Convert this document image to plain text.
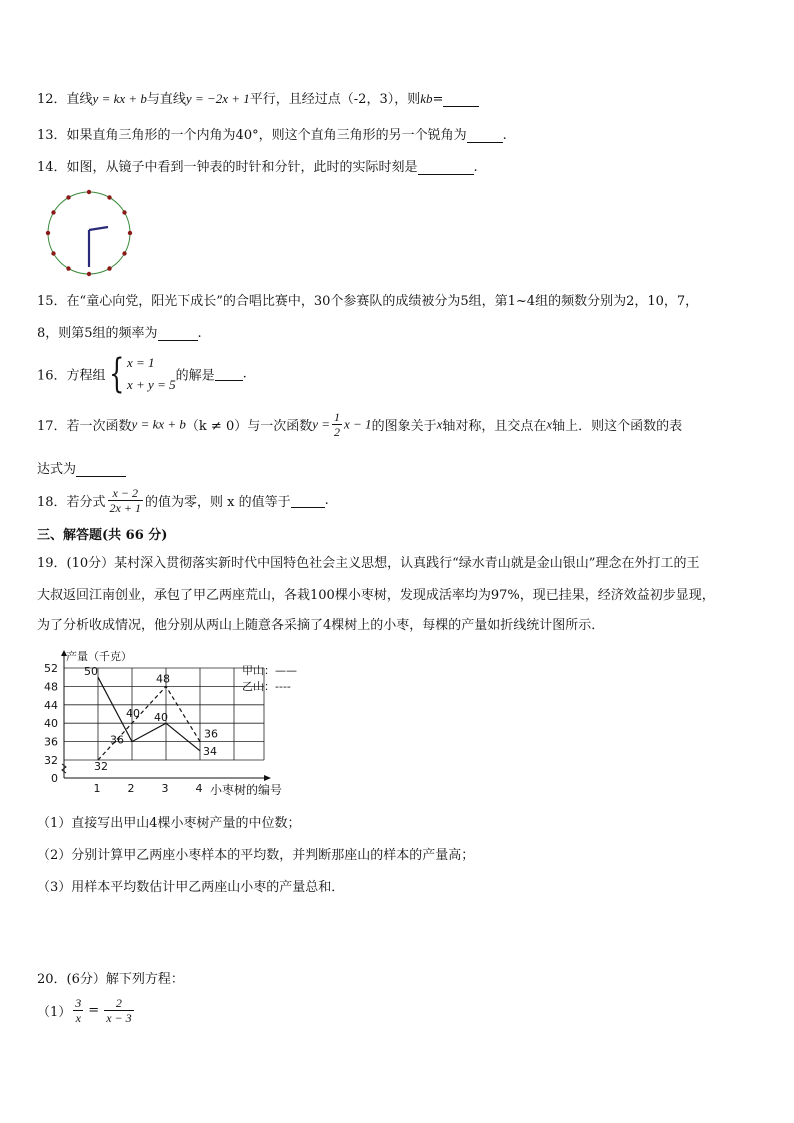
12．直线y = kx + b与直线y = −2x + 1平行，且经过点（-2，3），则kb=
13．如果直角三角形的一个内角为40°，则这个直角三角形的另一个锐角为	.
14．如图，从镜子中看到一钟表的时针和分针，此时的实际时刻是	.
15．在“童心向党，阳光下成长”的合唱比赛中，30个参赛队的成绩被分为5组，第1~4组的频数分别为2，10，7，
8，则第5组的频率为	.
16．方程组{ x = 1
x + y = 5
的解是 .
17．若一次函数y = kx + b（k ≠ 0）与一次函数$y = \frac{1}{2}$ x − 1的图象关于x轴对称，且交点在x轴上．则这个函数的表
达式为
18．若分式 $\frac{x - 2}{2x + 1}$ 的值为零，则 x 的值等于	.
三、解答题(共 66 分)
19．(10分）某村深入贯彻落实新时代中国特色社会主义思想，认真践行“绿水青山就是金山银山”理念在外打工的王
大叔返回江南创业，承包了甲乙两座荒山，各栽100棵小枣树，发现成活率均为97%，现已挂果，经济效益初步显现，
为了分析收成情况，他分别从两山上随意各采摘了4棵树上的小枣，每棵的产量如折线统计图所示．
0
32
36
40
44
48
52
1 2 3 4
产量（千克）
小枣树的编号
50
36
40
34
32
40
48
36
甲山：——
乙山：----
（1）直接写出甲山4棵小枣树产量的中位数；
（2）分别计算甲乙两座小枣样本的平均数，并判断那座山的样本的产量高；
（3）用样本平均数估计甲乙两座山小枣的产量总和．
20．(6分）解下列方程：
$(1) \frac{3}{x} = \frac{2}{x - 3}$
